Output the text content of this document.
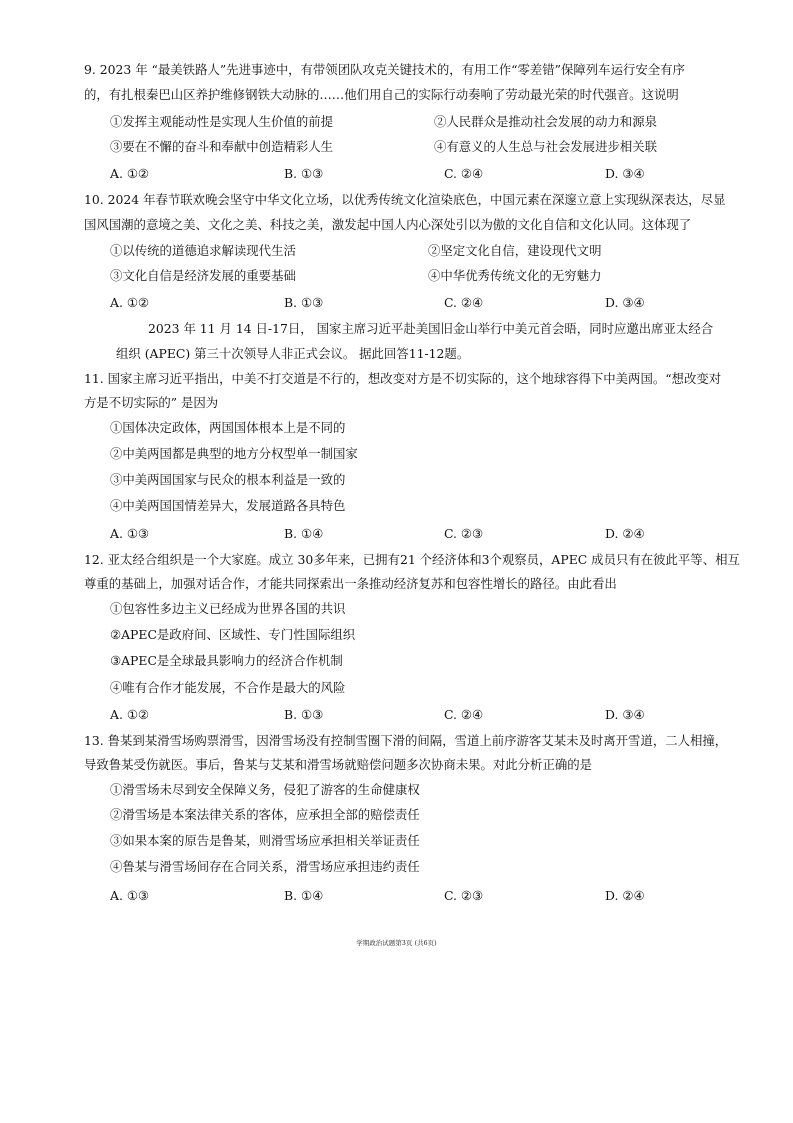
9. 2023 年 “最美铁路人”先进事迹中，有带领团队攻克关键技术的，有用工作“零差错”保障列车运行安全有序
的，有扎根秦巴山区养护维修钢铁大动脉的……他们用自己的实际行动奏响了劳动最光荣的时代强音。这说明
①发挥主观能动性是实现人生价值的前提	②人民群众是推动社会发展的动力和源泉
③要在不懈的奋斗和奉献中创造精彩人生	④有意义的人生总与社会发展进步相关联
A. ①②	B. ①③	C. ②④	D. ③④
10. 2024 年春节联欢晚会坚守中华文化立场，以优秀传统文化渲染底色，中国元素在深邃立意上实现纵深表达，尽显
国风国潮的意境之美、文化之美、科技之美，激发起中国人内心深处引以为傲的文化自信和文化认同。这体现了
①以传统的道德追求解读现代生活	②坚定文化自信，建设现代文明
③文化自信是经济发展的重要基础	④中华优秀传统文化的无穷魅力
A. ①②	B. ①③	C. ②④	D. ③④
2023 年 11 月 14 日-17日， 国家主席习近平赴美国旧金山举行中美元首会晤，同时应邀出席亚太经合
组织 (APEC) 第三十次领导人非正式会议。 据此回答11-12题。
11. 国家主席习近平指出，中美不打交道是不行的，想改变对方是不切实际的，这个地球容得下中美两国。“想改变对
方是不切实际的” 是因为
①国体决定政体，两国国体根本上是不同的
②中美两国都是典型的地方分权型单一制国家
③中美两国国家与民众的根本利益是一致的
④中美两国国情差异大，发展道路各具特色
A. ①③	B. ①④	C. ②③	D. ②④
12. 亚太经合组织是一个大家庭。成立 30多年来，已拥有21 个经济体和3个观察员，APEC 成员只有在彼此平等、相互
尊重的基础上，加强对话合作，才能共同探索出一条推动经济复苏和包容性增长的路径。由此看出
①包容性多边主义已经成为世界各国的共识
②APEC是政府间、区域性、专门性国际组织
③APEC是全球最具影响力的经济合作机制
④唯有合作才能发展，不合作是最大的风险
A. ①②	B. ①③	C. ②④	D. ③④
13. 鲁某到某滑雪场购票滑雪，因滑雪场没有控制雪圈下滑的间隔，雪道上前序游客艾某未及时离开雪道，二人相撞，
导致鲁某受伤就医。事后，鲁某与艾某和滑雪场就赔偿问题多次协商未果。对此分析正确的是
①滑雪场未尽到安全保障义务，侵犯了游客的生命健康权
②滑雪场是本案法律关系的客体，应承担全部的赔偿责任
③如果本案的原告是鲁某，则滑雪场应承担相关举证责任
④鲁某与滑雪场间存在合同关系，滑雪场应承担违约责任
A. ①③	B. ①④	C. ②③	D. ②④
学期政治试题第3页 (共6页)
